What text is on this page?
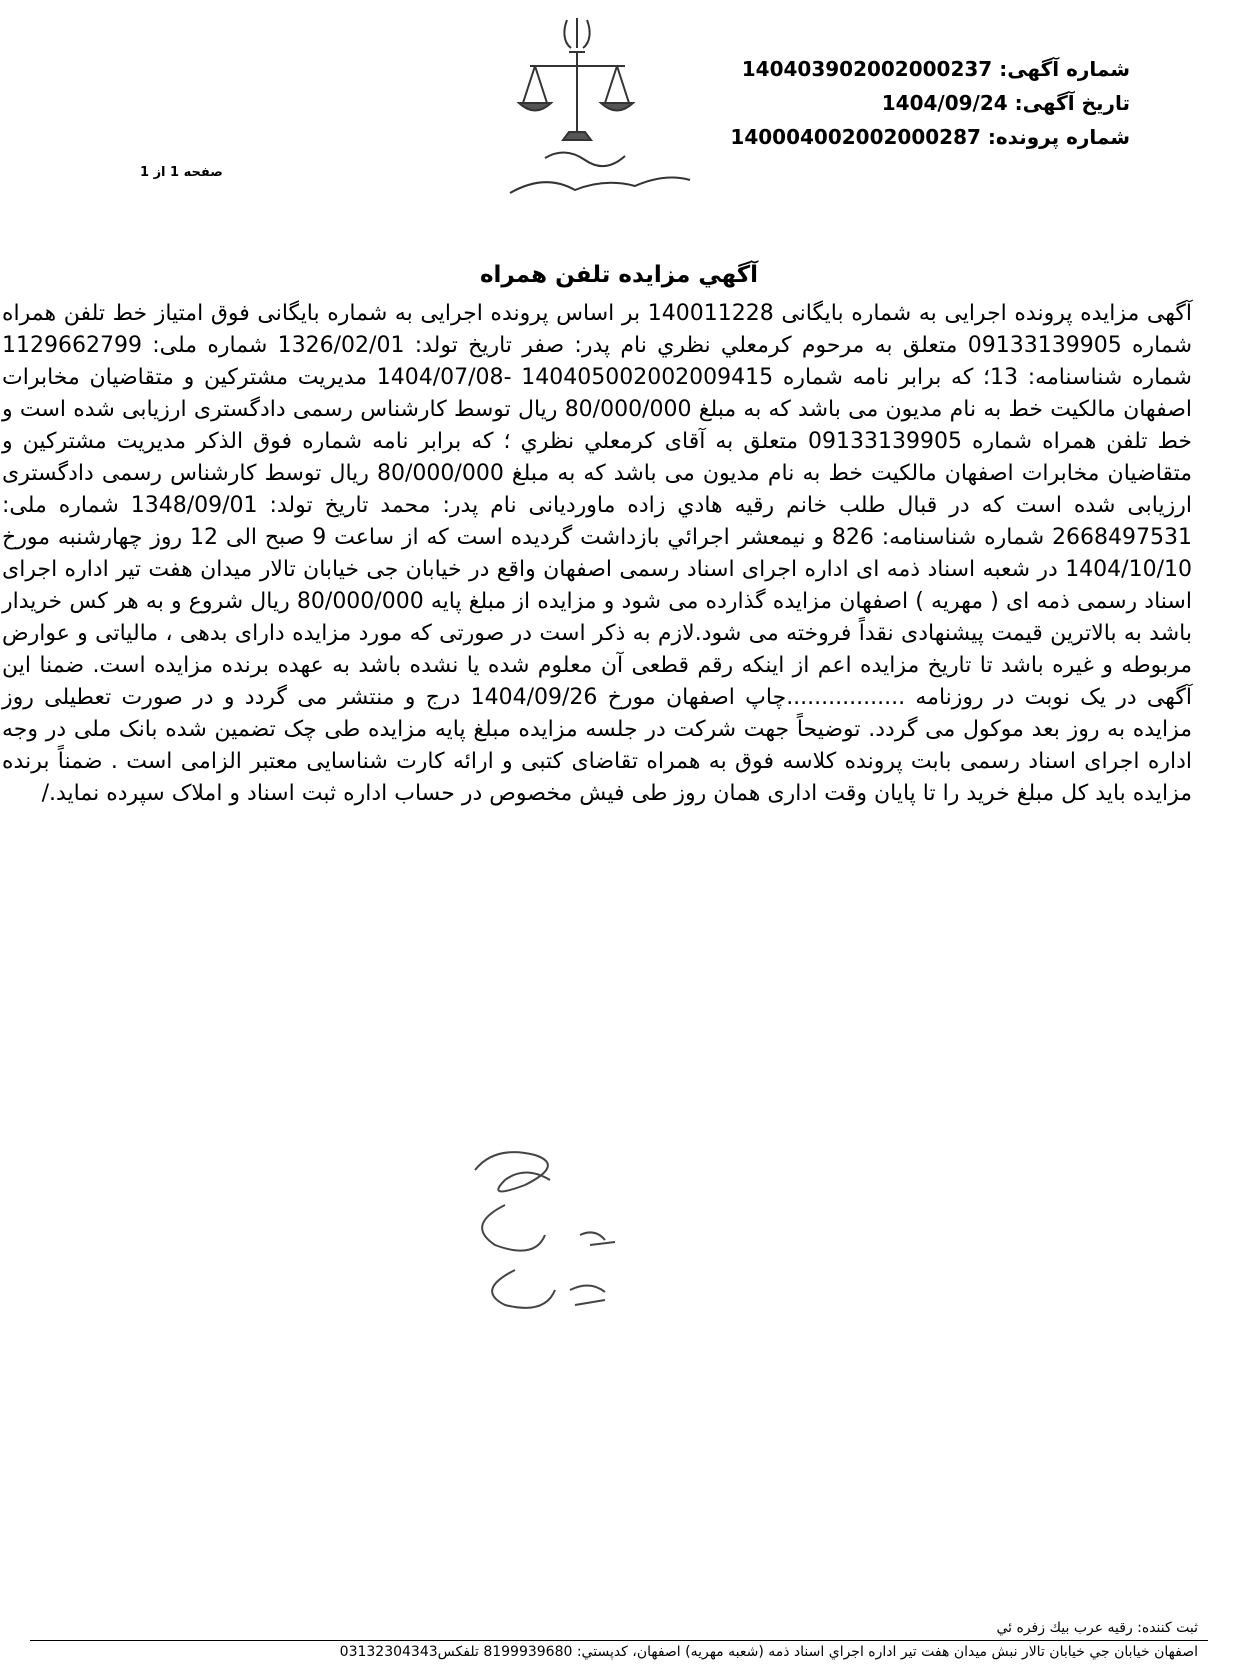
شماره آگهی: 140403902002000237
تاریخ آگهی: 1404/09/24
شماره پرونده: 140004002002000287
صفحه 1 از 1
آگهي مزايده تلفن همراه
آگهی مزایده پرونده اجرایی به شماره بایگانی 140011228 بر اساس پرونده اجرایی به شماره بایگانی فوق امتیاز خط تلفن همراه شماره 09133139905 متعلق به مرحوم کرمعلي نظري نام پدر: صفر تاریخ تولد: 1326/02/01 شماره ملی: 1129662799 شماره شناسنامه: 13؛ که برابر نامه شماره 140405002002009415 -1404/07/08 مدیریت مشترکین و متقاضیان مخابرات اصفهان مالکیت خط به نام مدیون می باشد که به مبلغ 80/000/000 ریال توسط کارشناس رسمی دادگستری ارزیابی شده است و خط تلفن همراه شماره 09133139905 متعلق به آقای کرمعلي نظري ؛ که برابر نامه شماره فوق الذکر مدیریت مشترکین و متقاضیان مخابرات اصفهان مالکیت خط به نام مدیون می باشد که به مبلغ 80/000/000 ریال توسط کارشناس رسمی دادگستری ارزیابی شده است که در قبال طلب خانم رقیه هادي زاده ماورديانی نام پدر: محمد تاریخ تولد: 1348/09/01 شماره ملی: 2668497531 شماره شناسنامه: 826 و نیمعشر اجرائي بازداشت گردیده است که از ساعت 9 صبح الی 12 روز چهارشنبه مورخ 1404/10/10 در شعبه اسناد ذمه ای اداره اجرای اسناد رسمی اصفهان واقع در خیابان جی خیابان تالار میدان هفت تیر اداره اجرای اسناد رسمی ذمه ای ( مهریه ) اصفهان مزایده گذارده می شود و مزایده از مبلغ پایه 80/000/000 ریال شروع و به هر کس خریدار باشد به بالاترین قیمت پیشنهادی نقداً فروخته می شود.لازم به ذکر است در صورتی که مورد مزایده دارای بدهی ، مالیاتی و عوارض مربوطه و غیره باشد تا تاریخ مزایده اعم از اینکه رقم قطعی آن معلوم شده یا نشده باشد به عهده برنده مزایده است. ضمنا این آگهی در یک نوبت در روزنامه .................چاپ اصفهان مورخ 1404/09/26 درج و منتشر می گردد و در صورت تعطیلی روز مزایده به روز بعد موکول می گردد. توضیحاً جهت شرکت در جلسه مزایده مبلغ پایه مزایده طی چک تضمین شده بانک ملی در وجه اداره اجرای اسناد رسمی بابت پرونده کلاسه فوق به همراه تقاضای کتبی و ارائه کارت شناسایی معتبر الزامی است . ضمناً برنده مزایده باید کل مبلغ خرید را تا پایان وقت اداری همان روز طی فیش مخصوص در حساب اداره ثبت اسناد و املاک سپرده نماید./
ثبت کننده: رقيه عرب بيك زفره ئي
اصفهان خيابان جي خيابان تالار نبش ميدان هفت تير اداره اجراي اسناد ذمه (شعبه مهريه) اصفهان، کدپستي: 8199939680 تلفکس03132304343
